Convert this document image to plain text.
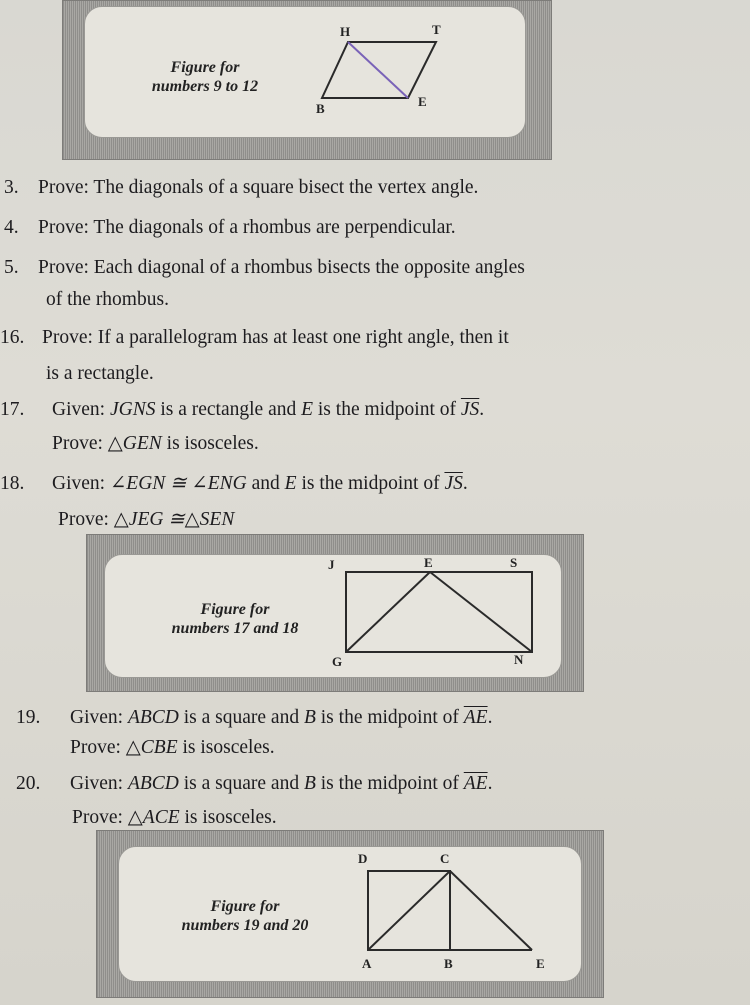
Figure for
numbers 9 to 12
H	T
B	E
3. Prove: The diagonals of a square bisect the vertex angle.
4. Prove: The diagonals of a rhombus are perpendicular.
5. Prove: Each diagonal of a rhombus bisects the opposite angles
of the rhombus.
16. Prove: If a parallelogram has at least one right angle, then it
is a rectangle.
17. Given: JGNS is a rectangle and E is the midpoint of $\overline{JS}$.
Prove: △GEN is isosceles.
18. Given: ∠EGN ≅ ∠ENG and E is the midpoint of $\overline{JS}$.
Prove: △JEG ≅△SEN
Figure for
numbers 17 and 18
J	E	S
G	N
19. Given: ABCD is a square and B is the midpoint of $\overline{AE}$.
Prove: △CBE is isosceles.
20. Given: ABCD is a square and B is the midpoint of $\overline{AE}$.
Prove: △ACE is isosceles.
Figure for
numbers 19 and 20
D	C
A	B	E
